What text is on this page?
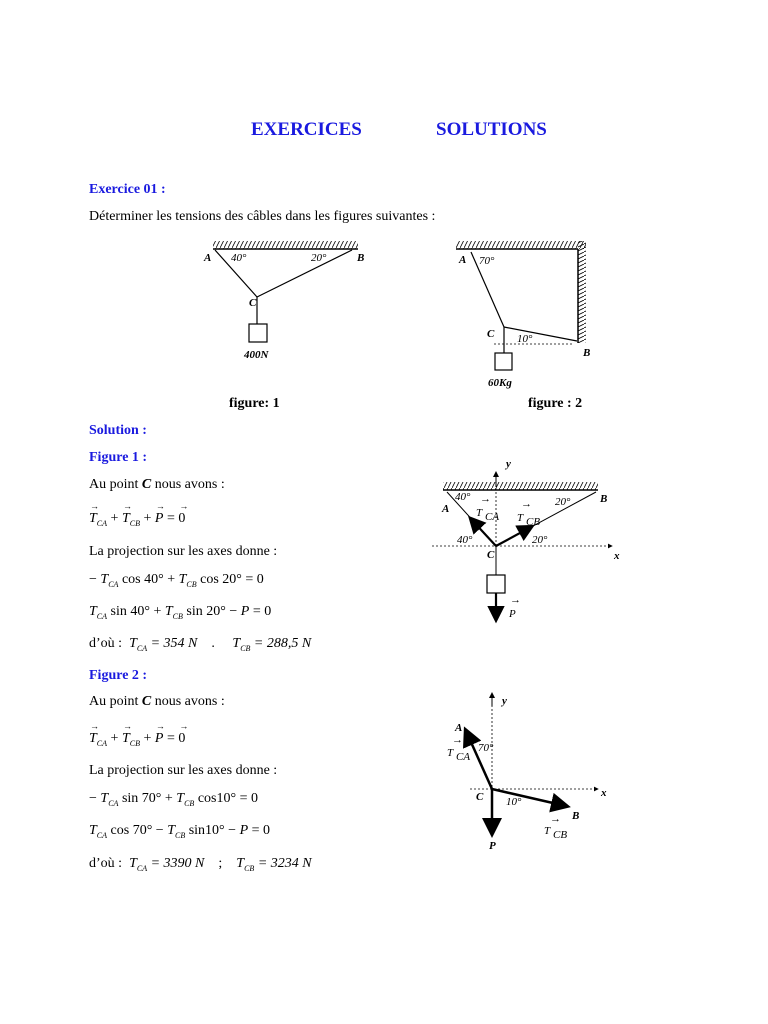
EXERCICES	SOLUTIONS
Exercice 01 :
Déterminer les tensions des câbles dans les figures suivantes :
A	B
C
40°	20°
400N
A
B
C
70°
10°
60Kg
figure: 1	figure : 2
Solution :
Figure 1 :
Au point C nous avons :
→ $T_{CA}$ + → $T_{CB}$ + → P = → 0
La projection sur les axes donne :
− $T_{CA}$ $\cos 40^\circ + T_{CB}$ cos 20° = 0
$T_{CA}$ $\sin 40^\circ + T_{CB}$ sin 20° − P = 0
d’où :  $T_{CA} = 354$ N .     $T_{CB} = 288,5$ N
y
x
A
B
C
40°	20°
40°	20°
→
T CA
→
T CB
→
P
Figure 2 :
Au point C nous avons :
→ $T_{CA}$ + → $T_{CB}$ + → P = → 0
La projection sur les axes donne :
− $T_{CA}$ $\sin 70^\circ + T_{CB}$ cos10° = 0
$T_{CA}$ $\cos 70^\circ - T_{CB}$ sin10° − P = 0
d’où :  $T_{CA} = 3390$ N ;    $T_{CB} = 3234$ N
y
x
A
B
C
70°
10°
P
→
T CA
→
T CB
